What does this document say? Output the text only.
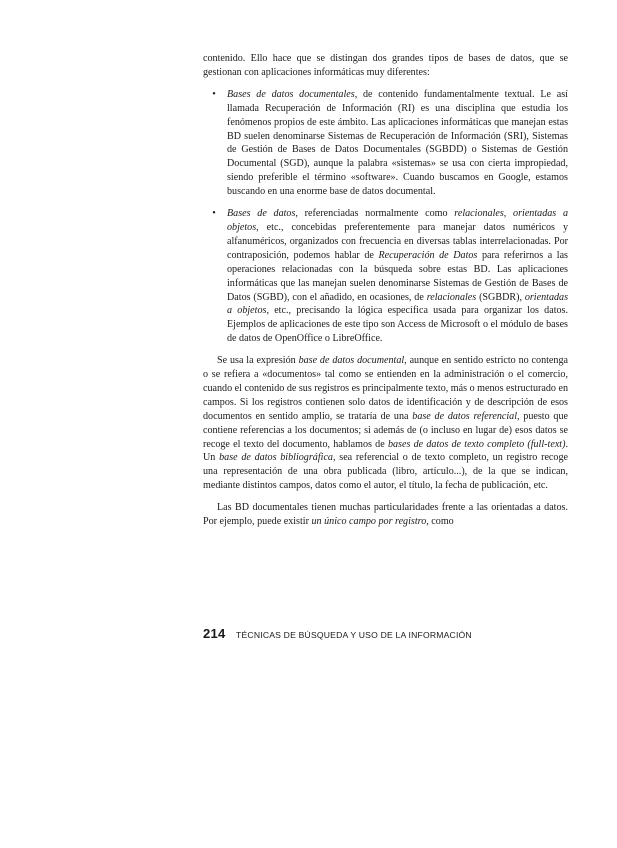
contenido. Ello hace que se distingan dos grandes tipos de bases de datos, que se gestionan con aplicaciones informáticas muy diferentes:

•	Bases de datos documentales, de contenido fundamentalmente textual. Le así llamada Recuperación de Información (RI) es una disciplina que estudia los fenómenos propios de este ámbito. Las aplicaciones informáticas que manejan estas BD suelen denominarse Sistemas de Recuperación de Información (SRI), Sistemas de Gestión de Bases de Datos Documentales (SGBDD) o Sistemas de Gestión Documental (SGD), aunque la palabra «sistemas» se usa con cierta impropiedad, siendo preferible el término «software». Cuando buscamos en Google, estamos buscando en una enorme base de datos documental.
•	Bases de datos, referenciadas normalmente como relacionales, orientadas a objetos, etc., concebidas preferentemente para manejar datos numéricos y alfanuméricos, organizados con frecuencia en diversas tablas interrelacionadas. Por contraposición, podemos hablar de Recuperación de Datos para referirnos a las operaciones relacionadas con la búsqueda sobre estas BD. Las aplicaciones informáticas que las manejan suelen denominarse Sistemas de Gestión de Bases de Datos (SGBD), con el añadido, en ocasiones, de relacionales (SGBDR), orientadas a objetos, etc., precisando la lógica específica usada para organizar los datos. Ejemplos de aplicaciones de este tipo son Access de Microsoft o el módulo de bases de datos de OpenOffice o LibreOffice.

Se usa la expresión base de datos documental, aunque en sentido estricto no contenga o se refiera a «documentos» tal como se entienden en la administración o el comercio, cuando el contenido de sus registros es principalmente texto, más o menos estructurado en campos. Si los registros contienen solo datos de identificación y de descripción de esos documentos en sentido amplio, se trataría de una base de datos referencial, puesto que contiene referencias a los documentos; si además de (o incluso en lugar de) esos datos se recoge el texto del documento, hablamos de bases de datos de texto completo (full-text). Un base de datos bibliográfica, sea referencial o de texto completo, un registro recoge una representación de una obra publicada (libro, artículo...), de la que se indican, mediante distintos campos, datos como el autor, el título, la fecha de publicación, etc.

Las BD documentales tienen muchas particularidades frente a las orientadas a datos. Por ejemplo, puede existir un único campo por registro, como

214 TÉCNICAS DE BÚSQUEDA Y USO DE LA INFORMACIÓN
